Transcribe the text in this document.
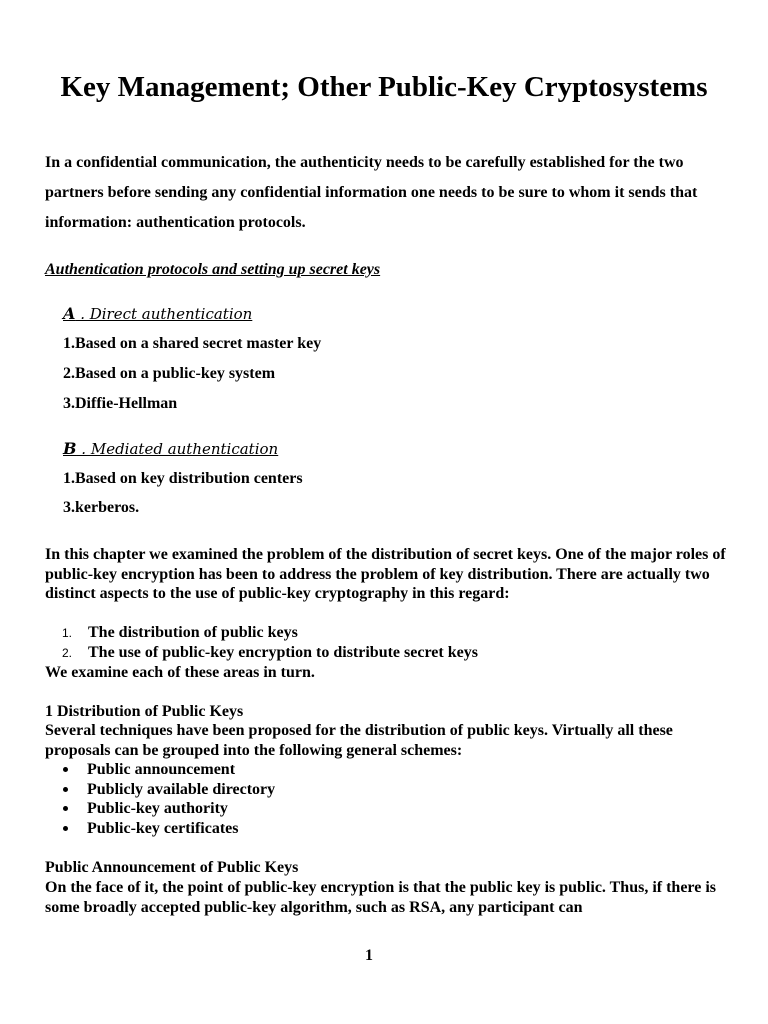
Key Management; Other Public-Key Cryptosystems
In a confidential communication, the authenticity needs to be carefully established for the two partners before sending any confidential information one needs to be sure to whom it sends that information: authentication protocols.
Authentication protocols and setting up secret keys
A . Direct authentication
1.Based on a shared secret master key
2.Based on a public-key system
3.Diffie-Hellman
B . Mediated authentication
1.Based on key distribution centers
3.kerberos.
In this chapter we examined the problem of the distribution of secret keys. One of the major roles of public-key encryption has been to address the problem of key distribution. There are actually two distinct aspects to the use of public-key cryptography in this regard:
1. The distribution of public keys
2. The use of public-key encryption to distribute secret keys
We examine each of these areas in turn.
1 Distribution of Public Keys
Several techniques have been proposed for the distribution of public keys. Virtually all these proposals can be grouped into the following general schemes:
Public announcement
Publicly available directory
Public-key authority
Public-key certificates
Public Announcement of Public Keys
On the face of it, the point of public-key encryption is that the public key is public. Thus, if there is some broadly accepted public-key algorithm, such as RSA, any participant can
1
